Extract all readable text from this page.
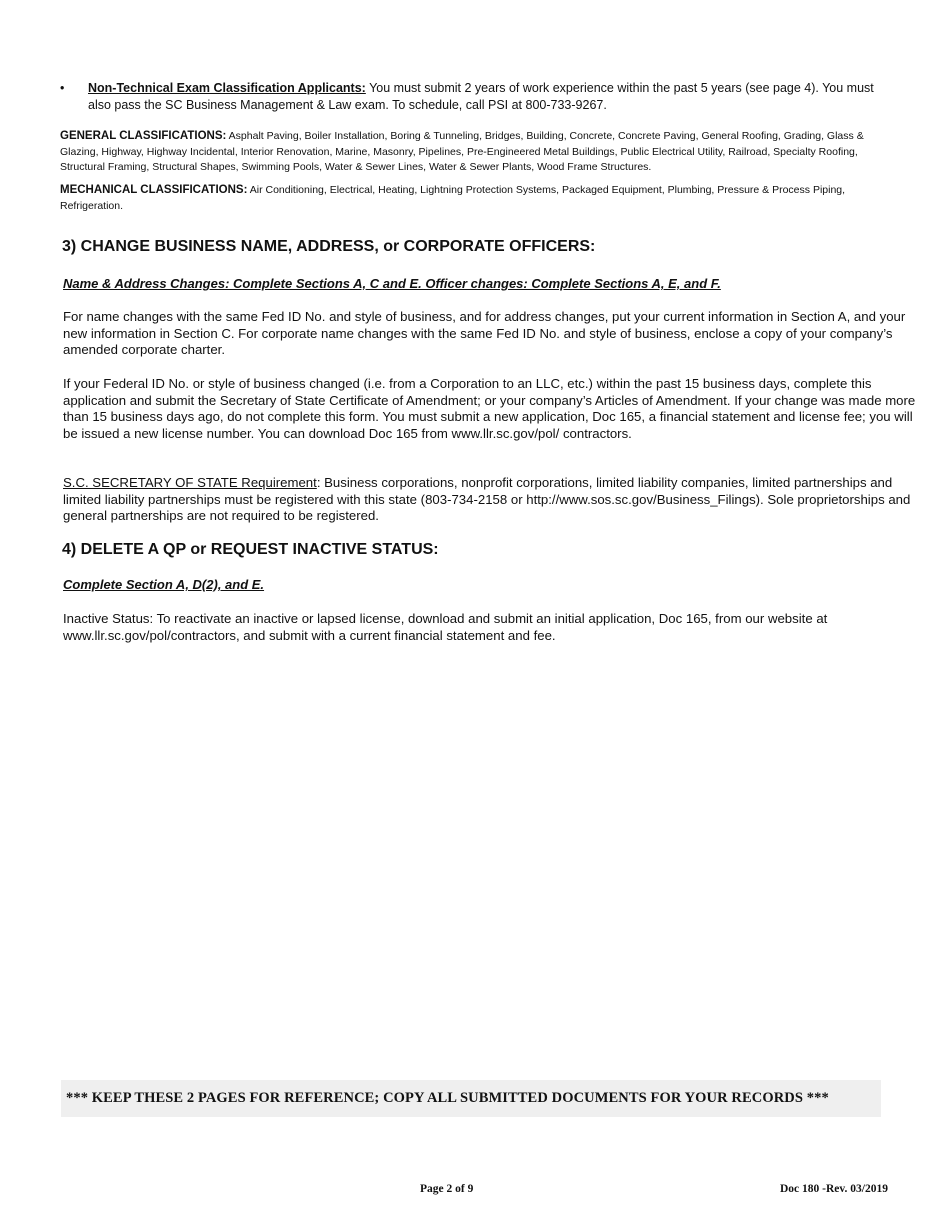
• Non-Technical Exam Classification Applicants: You must submit 2 years of work experience within the past 5 years (see page 4). You must also pass the SC Business Management & Law exam. To schedule, call PSI at 800-733-9267.
GENERAL CLASSIFICATIONS: Asphalt Paving, Boiler Installation, Boring & Tunneling, Bridges, Building, Concrete, Concrete Paving, General Roofing, Grading, Glass & Glazing, Highway, Highway Incidental, Interior Renovation, Marine, Masonry, Pipelines, Pre-Engineered Metal Buildings, Public Electrical Utility, Railroad, Specialty Roofing, Structural Framing, Structural Shapes, Swimming Pools, Water & Sewer Lines, Water & Sewer Plants, Wood Frame Structures.
MECHANICAL CLASSIFICATIONS: Air Conditioning, Electrical, Heating, Lightning Protection Systems, Packaged Equipment, Plumbing, Pressure & Process Piping, Refrigeration.
3) CHANGE BUSINESS NAME, ADDRESS, or CORPORATE OFFICERS:
Name & Address Changes: Complete Sections A, C and E. Officer changes: Complete Sections A, E, and F.
For name changes with the same Fed ID No. and style of business, and for address changes, put your current information in Section A, and your new information in Section C. For corporate name changes with the same Fed ID No. and style of business, enclose a copy of your company’s amended corporate charter.
If your Federal ID No. or style of business changed (i.e. from a Corporation to an LLC, etc.) within the past 15 business days, complete this application and submit the Secretary of State Certificate of Amendment; or your company’s Articles of Amendment. If your change was made more than 15 business days ago, do not complete this form. You must submit a new application, Doc 165, a financial statement and license fee; you will be issued a new license number. You can download Doc 165 from www.llr.sc.gov/pol/ contractors.
S.C. SECRETARY OF STATE Requirement: Business corporations, nonprofit corporations, limited liability companies, limited partnerships and limited liability partnerships must be registered with this state (803-734-2158 or http://www.sos.sc.gov/Business_Filings). Sole proprietorships and general partnerships are not required to be registered.
4) DELETE A QP or REQUEST INACTIVE STATUS:
Complete Section A, D(2), and E.
Inactive Status: To reactivate an inactive or lapsed license, download and submit an initial application, Doc 165, from our website at www.llr.sc.gov/pol/contractors, and submit with a current financial statement and fee.
*** KEEP THESE 2 PAGES FOR REFERENCE; COPY ALL SUBMITTED DOCUMENTS FOR YOUR RECORDS ***
Page 2 of 9	Doc 180 -Rev. 03/2019
